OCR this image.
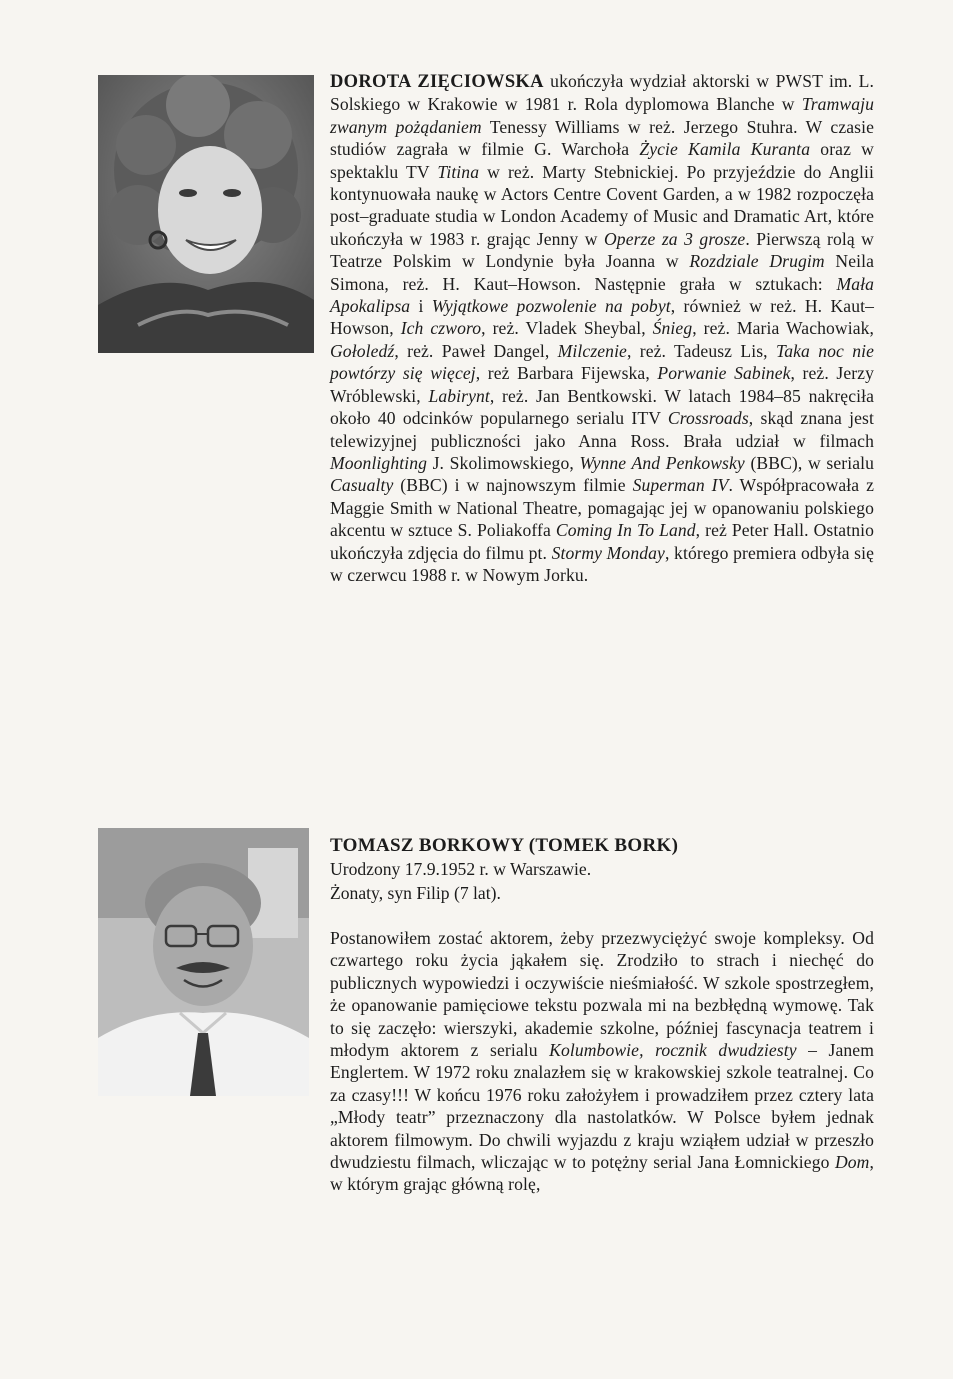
DOROTA ZIĘCIOWSKA ukończyła wydział aktorski w PWST im. L. Solskiego w Krakowie w 1981 r. Rola dyplomowa Blanche w Tramwaju zwanym pożądaniem Tenessy Williams w reż. Jerzego Stuhra. W czasie studiów zagrała w filmie G. Warchoła Życie Kamila Kuranta oraz w spektaklu TV Titina w reż. Marty Stebnickiej. Po przyjeździe do Anglii kontynuowała naukę w Actors Centre Covent Garden, a w 1982 rozpoczęła post–graduate studia w London Academy of Music and Dramatic Art, które ukończyła w 1983 r. grając Jenny w Operze za 3 grosze. Pierwszą rolą w Teatrze Polskim w Londynie była Joanna w Rozdziale Drugim Neila Simona, reż. H. Kaut–Howson. Następnie grała w sztukach: Mała Apokalipsa i Wyjątkowe pozwolenie na pobyt, również w reż. H. Kaut–Howson, Ich czworo, reż. Vladek Sheybal, Śnieg, reż. Maria Wachowiak, Gołoledź, reż. Paweł Dangel, Milczenie, reż. Tadeusz Lis, Taka noc nie powtórzy się więcej, reż Barbara Fijewska, Porwanie Sabinek, reż. Jerzy Wróblewski, Labirynt, reż. Jan Bentkowski. W latach 1984–85 nakręciła około 40 odcinków popularnego serialu ITV Crossroads, skąd znana jest telewizyjnej publiczności jako Anna Ross. Brała udział w filmach Moonlighting J. Skolimowskiego, Wynne And Penkowsky (BBC), w serialu Casualty (BBC) i w najnowszym filmie Superman IV. Współpracowała z Maggie Smith w National Theatre, pomagając jej w opanowaniu polskiego akcentu w sztuce S. Poliakoffa Coming In To Land, reż Peter Hall. Ostatnio ukończyła zdjęcia do filmu pt. Stormy Monday, którego premiera odbyła się w czerwcu 1988 r. w Nowym Jorku.
TOMASZ BORKOWY (TOMEK BORK)
Urodzony 17.9.1952 r. w Warszawie.
Żonaty, syn Filip (7 lat).
Postanowiłem zostać aktorem, żeby przezwyciężyć swoje kompleksy. Od czwartego roku życia jąkałem się. Zrodziło to strach i niechęć do publicznych wypowiedzi i oczywiście nieśmiałość. W szkole spostrzegłem, że opanowanie pamięciowe tekstu pozwala mi na bezbłędną wymowę. Tak to się zaczęło: wierszyki, akademie szkolne, później fascynacja teatrem i młodym aktorem z serialu Kolumbowie, rocznik dwudziesty – Janem Englertem. W 1972 roku znalazłem się w krakowskiej szkole teatralnej. Co za czasy!!! W końcu 1976 roku założyłem i prowadziłem przez cztery lata „Młody teatr” przeznaczony dla nastolatków. W Polsce byłem jednak aktorem filmowym. Do chwili wyjazdu z kraju wziąłem udział w przeszło dwudziestu filmach, wliczając w to potężny serial Jana Łomnickiego Dom, w którym grając główną rolę,
